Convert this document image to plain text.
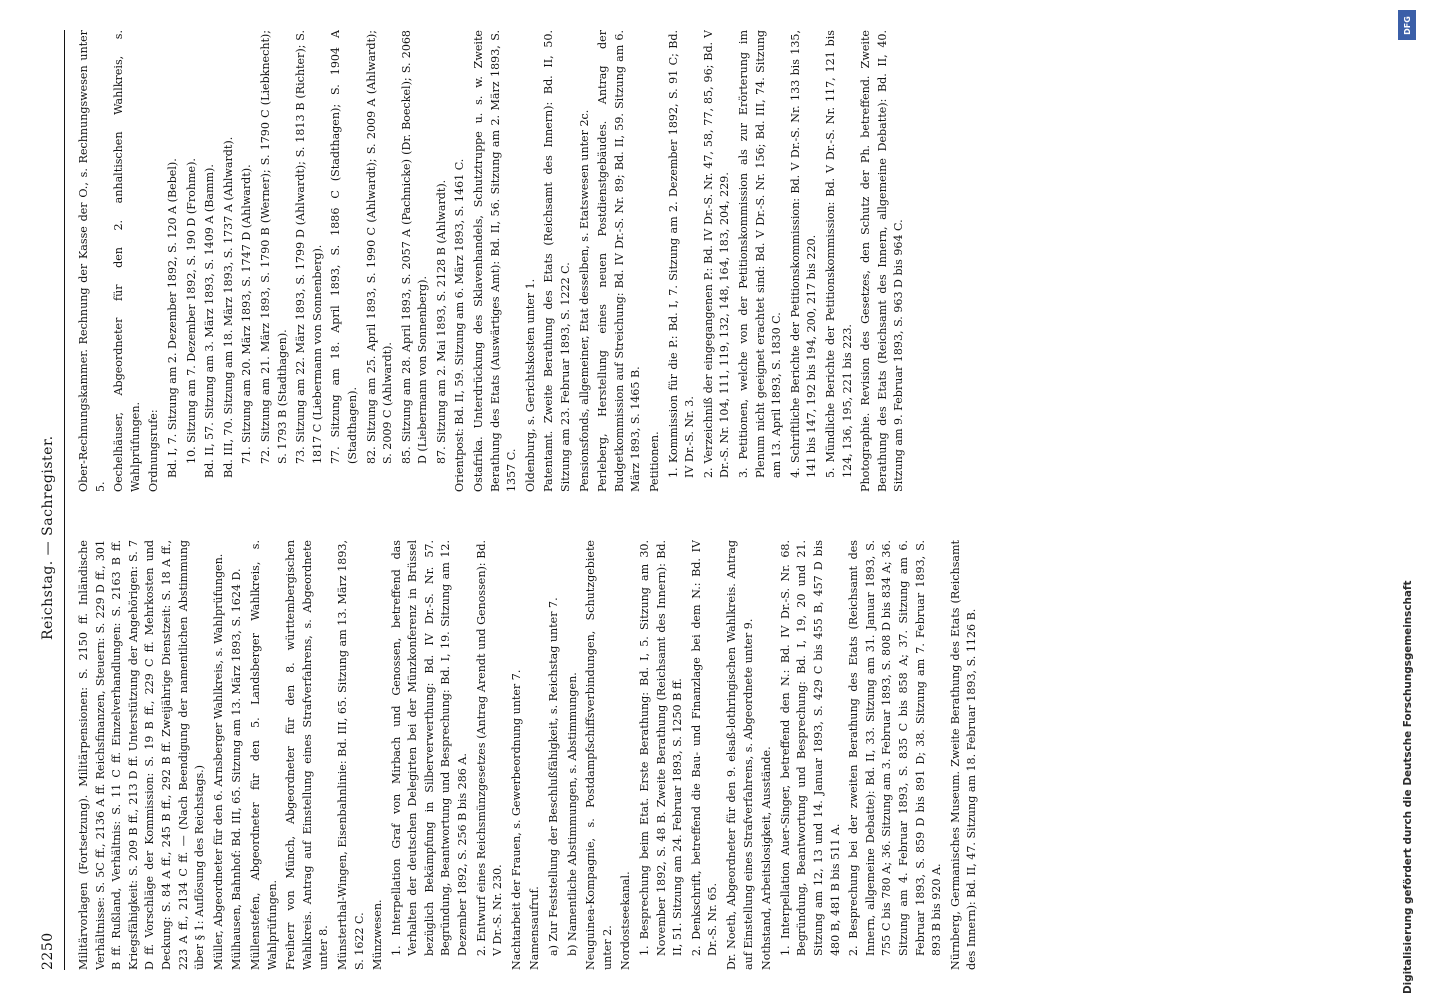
2250
Reichstag. — Sachregister.

Militärvorlagen (Fortsetzung). Militärpensionen: S. 2150 ff. Inländische Verhältnisse: S. 5C ff., 2136 A ff. Reichsfinanzen, Steuern: S. 229 D ff., 301 B ff. Rußland, Verhältnis: S. 11 C ff. Einzelverhandlungen: S. 2163 B ff. Kriegsfähigkeit: S. 209 B ff., 213 D ff. Unterstützung der Angehörigen: S. 7 D ff. Vorschläge der Kommission: S. 19 B ff., 229 C ff. Mehrkosten und Deckung: S. 84 A ff., 245 B ff., 292 B ff. Zweijährige Dienstzeit: S. 18 A ff., 223 A ff., 2134 C ff. — (Nach Beendigung der namentlichen Abstimmung über § 1: Auflösung des Reichstags.) Müller, Abgeordneter für den 6. Arnsberger Wahlkreis, s. Wahlprüfungen. Mülhausen, Bahnhof: Bd. III, 65. Sitzung am 13. März 1893, S. 1624 D. Müllenstefen, Abgeordneter für den 5. Landsberger Wahlkreis, s. Wahlprüfungen. Freiherr von Münch, Abgeordneter für den 8. württembergischen Wahlkreis. Antrag auf Einstellung eines Strafverfahrens, s. Abgeordnete unter 8. Münsterthal-Wingen, Eisenbahnlinie: Bd. III, 65. Sitzung am 13. März 1893, S. 1622 C. Münzwesen. 1. Interpellation Graf von Mirbach und Genossen, betreffend das Verhalten der deutschen Delegirten bei der Münzkonferenz in Brüssel bezüglich Bekämpfung in Silberverwerthung: Bd. IV Dr.-S. Nr. 57. Begründung, Beantwortung und Besprechung: Bd. I, 19. Sitzung am 12. Dezember 1892, S. 256 B bis 286 A. 2. Entwurf eines Reichsmünzgesetzes (Antrag Arendt und Genossen): Bd. V Dr.-S. Nr. 230. Nachtarbeit der Frauen, s. Gewerbeordnung unter 7. Namensaufruf. a) Zur Feststellung der Beschlußfähigkeit, s. Reichstag unter 7. b) Namentliche Abstimmungen, s. Abstimmungen. Neuguinea-Kompagnie, s. Postdampfschiffsverbindungen, Schutzgebiete unter 2. Nordostseekanal. 1. Besprechung beim Etat. Erste Berathung: Bd. I, 5. Sitzung am 30. November 1892, S. 48 B. Zweite Berathung (Reichsamt des Innern): Bd. II, 51. Sitzung am 24. Februar 1893, S. 1250 B ff. 2. Denkschrift, betreffend die Bau- und Finanzlage bei dem N.: Bd. IV Dr.-S. Nr. 65. Dr. Noeth, Abgeordneter für den 9. elsaß-lothringischen Wahlkreis. Antrag auf Einstellung eines Strafverfahrens, s. Abgeordnete unter 9. Nothstand, Arbeitslosigkeit, Ausstände. 1. Interpellation Auer-Singer, betreffend den N.: Bd. IV Dr.-S. Nr. 68. Begründung, Beantwortung und Besprechung: Bd. I, 19, 20 und 21. Sitzung am 12, 13 und 14. Januar 1893, S. 429 C bis 455 B, 457 D bis 480 B, 481 B bis 511 A. 2. Besprechung bei der zweiten Berathung des Etats (Reichsamt des Innern, allgemeine Debatte): Bd. II, 33. Sitzung am 31. Januar 1893, S. 755 C bis 780 A; 36. Sitzung am 3. Februar 1893, S. 808 D bis 834 A; 36. Sitzung am 4. Februar 1893, S. 835 C bis 858 A; 37. Sitzung am 6. Februar 1893, S. 859 D bis 891 D; 38. Sitzung am 7. Februar 1893, S. 893 B bis 920 A. Nürnberg, Germanisches Museum. Zweite Berathung des Etats (Reichsamt des Innern): Bd. II, 47. Sitzung am 18. Februar 1893, S. 1126 B.

Ober-Rechnungskammer. Rechnung der Kasse der O., s. Rechnungswesen unter 5. Oechelhäuser, Abgeordneter für den 2. anhaltischen Wahlkreis, s. Wahlprüfungen. Ordnungsrufe: Bd. I, 7. Sitzung am 2. Dezember 1892, S. 120 A (Bebel). 10. Sitzung am 7. Dezember 1892, S. 190 D (Frohme). Bd. II, 57. Sitzung am 3. März 1893, S. 1409 A (Bamm). Bd. III, 70. Sitzung am 18. März 1893, S. 1737 A (Ahlwardt). 71. Sitzung am 20. März 1893, S. 1747 D (Ahlwardt). 72. Sitzung am 21. März 1893, S. 1790 B (Werner); S. 1790 C (Liebknecht); S. 1793 B (Stadthagen). 73. Sitzung am 22. März 1893, S. 1799 D (Ahlwardt); S. 1813 B (Richter); S. 1817 C (Liebermann von Sonnenberg). 77. Sitzung am 18. April 1893, S. 1886 C (Stadthagen); S. 1904 A (Stadthagen). 82. Sitzung am 25. April 1893, S. 1990 C (Ahlwardt); S. 2009 A (Ahlwardt); S. 2009 C (Ahlwardt). 85. Sitzung am 28. April 1893, S. 2057 A (Pachnicke) (Dr. Boeckel); S. 2068 D (Liebermann von Sonnenberg). 87. Sitzung am 2. Mai 1893, S. 2128 B (Ahlwardt). Orientpost: Bd. II, 59. Sitzung am 6. März 1893, S. 1461 C. Ostafrika. Unterdrückung des Sklavenhandels, Schutztruppe u. s. w. Zweite Berathung des Etats (Auswärtiges Amt): Bd. II, 56. Sitzung am 2. März 1893, S. 1357 C. Oldenburg, s. Gerichtskosten unter 1. Patentamt. Zweite Berathung des Etats (Reichsamt des Innern): Bd. II, 50. Sitzung am 23. Februar 1893, S. 1222 C. Pensionsfonds, allgemeiner, Etat desselben, s. Etatswesen unter 2c. Perleberg, Herstellung eines neuen Postdienstgebäudes. Antrag der Budgetkommission auf Streichung: Bd. IV Dr.-S. Nr. 89; Bd. II, 59. Sitzung am 6. März 1893, S. 1465 B. Petitionen. 1. Kommission für die P.: Bd. I, 7. Sitzung am 2. Dezember 1892, S. 91 C; Bd. IV Dr.-S. Nr. 3. 2. Verzeichniß der eingegangenen P.: Bd. IV Dr.-S. Nr. 47, 58, 77, 85, 96; Bd. V Dr.-S. Nr. 104, 111, 119, 132, 148, 164, 183, 204, 229. 3. Petitionen, welche von der Petitionskommission als zur Erörterung im Plenum nicht geeignet erachtet sind: Bd. V Dr.-S. Nr. 156; Bd. III, 74. Sitzung am 13. April 1893, S. 1830 C. 4. Schriftliche Berichte der Petitionskommission: Bd. V Dr.-S. Nr. 133 bis 135, 141 bis 147, 192 bis 194, 200, 217 bis 220. 5. Mündliche Berichte der Petitionskommission: Bd. V Dr.-S. Nr. 117, 121 bis 124, 136, 195, 221 bis 223. Photographie. Revision des Gesetzes, den Schutz der Ph. betreffend. Zweite Berathung des Etats (Reichsamt des Innern, allgemeine Debatte): Bd. II, 40. Sitzung am 9. Februar 1893, S. 963 D bis 964 C.

DFG
Digitalisierung gefördert durch die Deutsche Forschungsgemeinschaft
